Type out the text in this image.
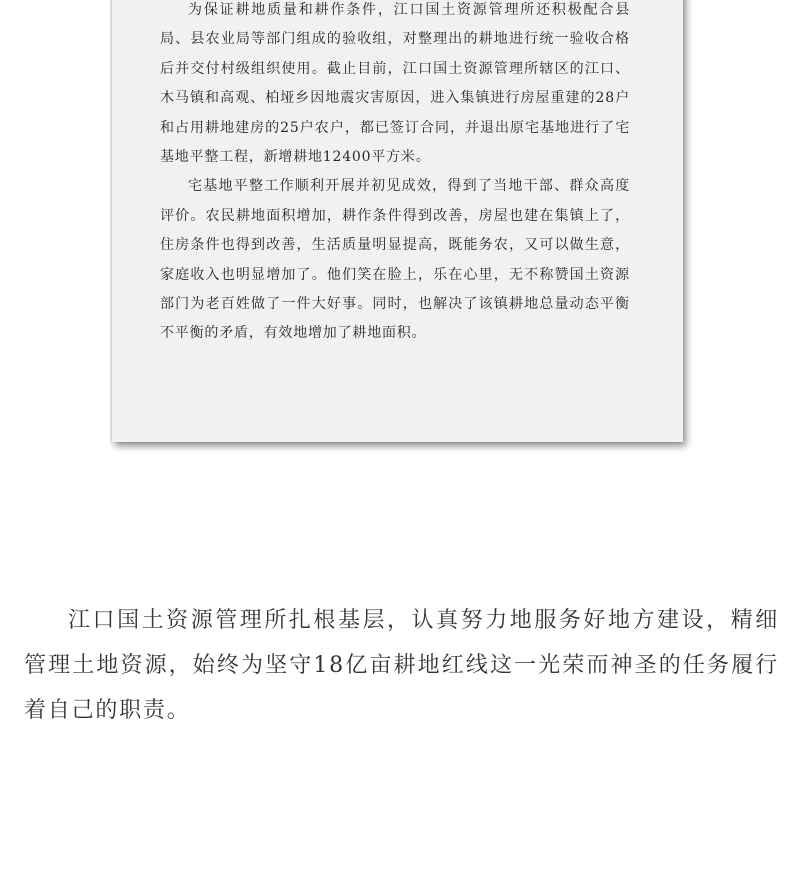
为保证耕地质量和耕作条件，江口国土资源管理所还积极配合县局、县农业局等部门组成的验收组，对整理出的耕地进行统一验收合格后并交付村级组织使用。截止目前，江口国土资源管理所辖区的江口、木马镇和高观、柏垭乡因地震灾害原因，进入集镇进行房屋重建的28户和占用耕地建房的25户农户，都已签订合同，并退出原宅基地进行了宅基地平整工程，新增耕地12400平方米。

宅基地平整工作顺利开展并初见成效，得到了当地干部、群众高度评价。农民耕地面积增加，耕作条件得到改善，房屋也建在集镇上了，住房条件也得到改善，生活质量明显提高，既能务农，又可以做生意，家庭收入也明显增加了。他们笑在脸上，乐在心里，无不称赞国土资源部门为老百姓做了一件大好事。同时，也解决了该镇耕地总量动态平衡不平衡的矛盾，有效地增加了耕地面积。

江口国土资源管理所扎根基层，认真努力地服务好地方建设，精细管理土地资源，始终为坚守18亿亩耕地红线这一光荣而神圣的任务履行着自己的职责。
